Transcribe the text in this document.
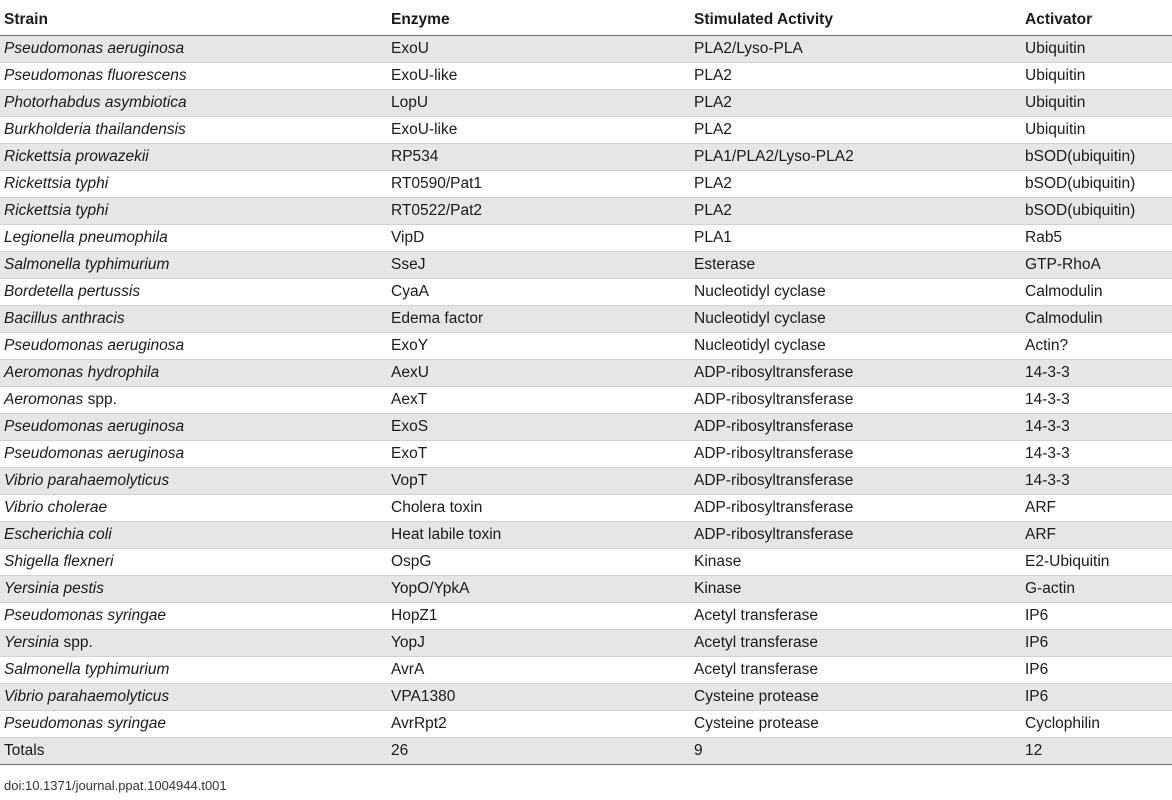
Strain	Enzyme	Stimulated Activity	Activator
Pseudomonas aeruginosa	ExoU	PLA2/Lyso-PLA	Ubiquitin
Pseudomonas fluorescens	ExoU-like	PLA2	Ubiquitin
Photorhabdus asymbiotica	LopU	PLA2	Ubiquitin
Burkholderia thailandensis	ExoU-like	PLA2	Ubiquitin
Rickettsia prowazekii	RP534	PLA1/PLA2/Lyso-PLA2	bSOD(ubiquitin)
Rickettsia typhi	RT0590/Pat1	PLA2	bSOD(ubiquitin)
Rickettsia typhi	RT0522/Pat2	PLA2	bSOD(ubiquitin)
Legionella pneumophila	VipD	PLA1	Rab5
Salmonella typhimurium	SseJ	Esterase	GTP-RhoA
Bordetella pertussis	CyaA	Nucleotidyl cyclase	Calmodulin
Bacillus anthracis	Edema factor	Nucleotidyl cyclase	Calmodulin
Pseudomonas aeruginosa	ExoY	Nucleotidyl cyclase	Actin?
Aeromonas hydrophila	AexU	ADP-ribosyltransferase	14-3-3
Aeromonas spp.	AexT	ADP-ribosyltransferase	14-3-3
Pseudomonas aeruginosa	ExoS	ADP-ribosyltransferase	14-3-3
Pseudomonas aeruginosa	ExoT	ADP-ribosyltransferase	14-3-3
Vibrio parahaemolyticus	VopT	ADP-ribosyltransferase	14-3-3
Vibrio cholerae	Cholera toxin	ADP-ribosyltransferase	ARF
Escherichia coli	Heat labile toxin	ADP-ribosyltransferase	ARF
Shigella flexneri	OspG	Kinase	E2-Ubiquitin
Yersinia pestis	YopO/YpkA	Kinase	G-actin
Pseudomonas syringae	HopZ1	Acetyl transferase	IP6
Yersinia spp.	YopJ	Acetyl transferase	IP6
Salmonella typhimurium	AvrA	Acetyl transferase	IP6
Vibrio parahaemolyticus	VPA1380	Cysteine protease	IP6
Pseudomonas syringae	AvrRpt2	Cysteine protease	Cyclophilin
Totals	26	9	12
doi:10.1371/journal.ppat.1004944.t001
